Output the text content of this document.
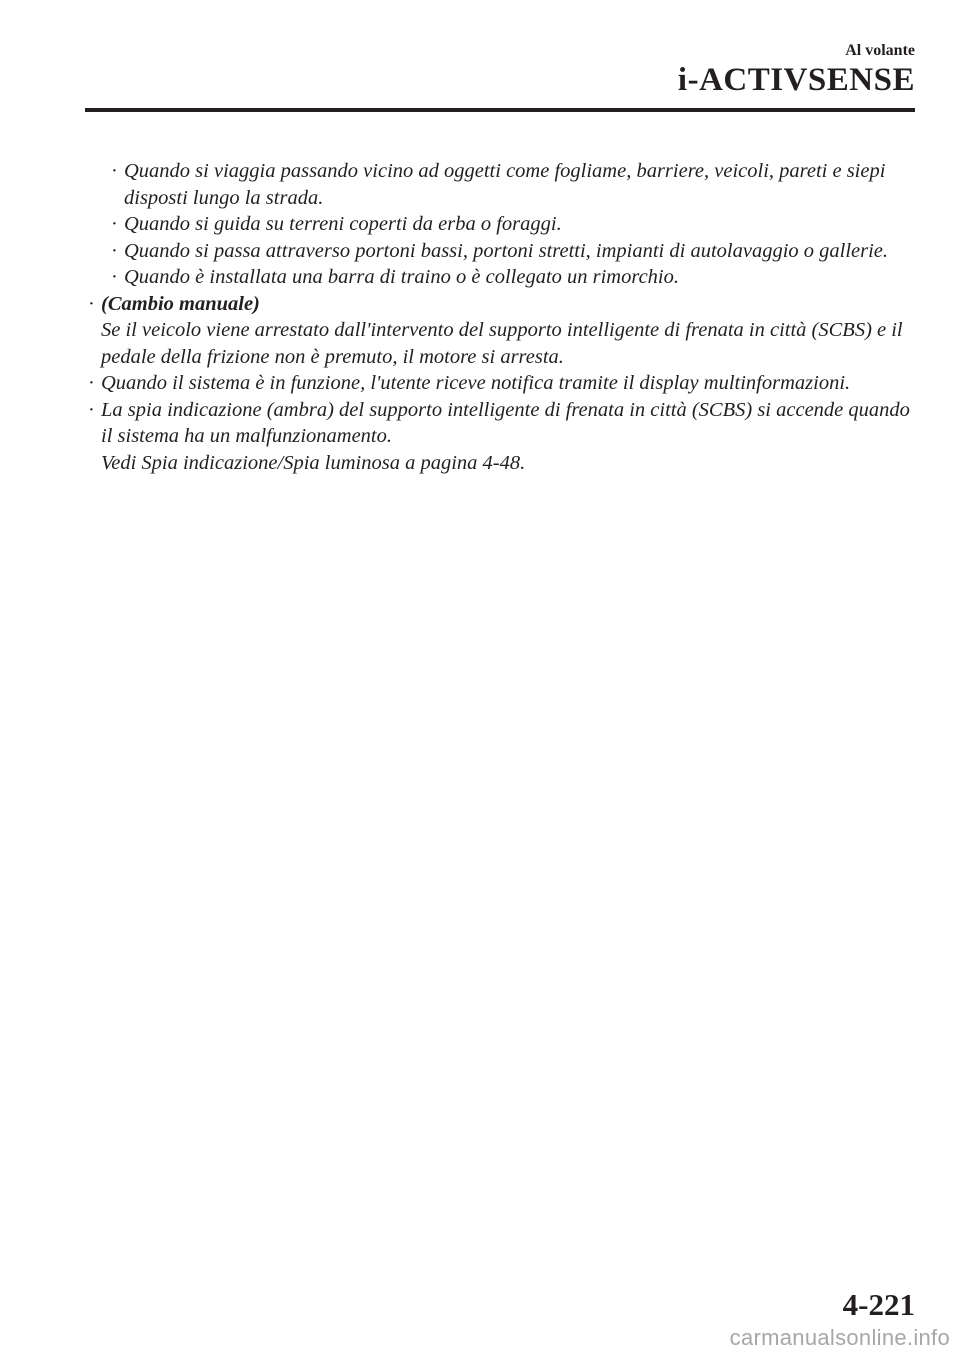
Al volante
i-ACTIVSENSE
· Quando si viaggia passando vicino ad oggetti come fogliame, barriere, veicoli, pareti e siepi disposti lungo la strada.
· Quando si guida su terreni coperti da erba o foraggi.
· Quando si passa attraverso portoni bassi, portoni stretti, impianti di autolavaggio o gallerie.
· Quando è installata una barra di traino o è collegato un rimorchio.
· (Cambio manuale)
Se il veicolo viene arrestato dall'intervento del supporto intelligente di frenata in città (SCBS) e il pedale della frizione non è premuto, il motore si arresta.
· Quando il sistema è in funzione, l'utente riceve notifica tramite il display multinformazioni.
· La spia indicazione (ambra) del supporto intelligente di frenata in città (SCBS) si accende quando il sistema ha un malfunzionamento.
Vedi Spia indicazione/Spia luminosa a pagina 4-48.
4-221
carmanualsonline.info
